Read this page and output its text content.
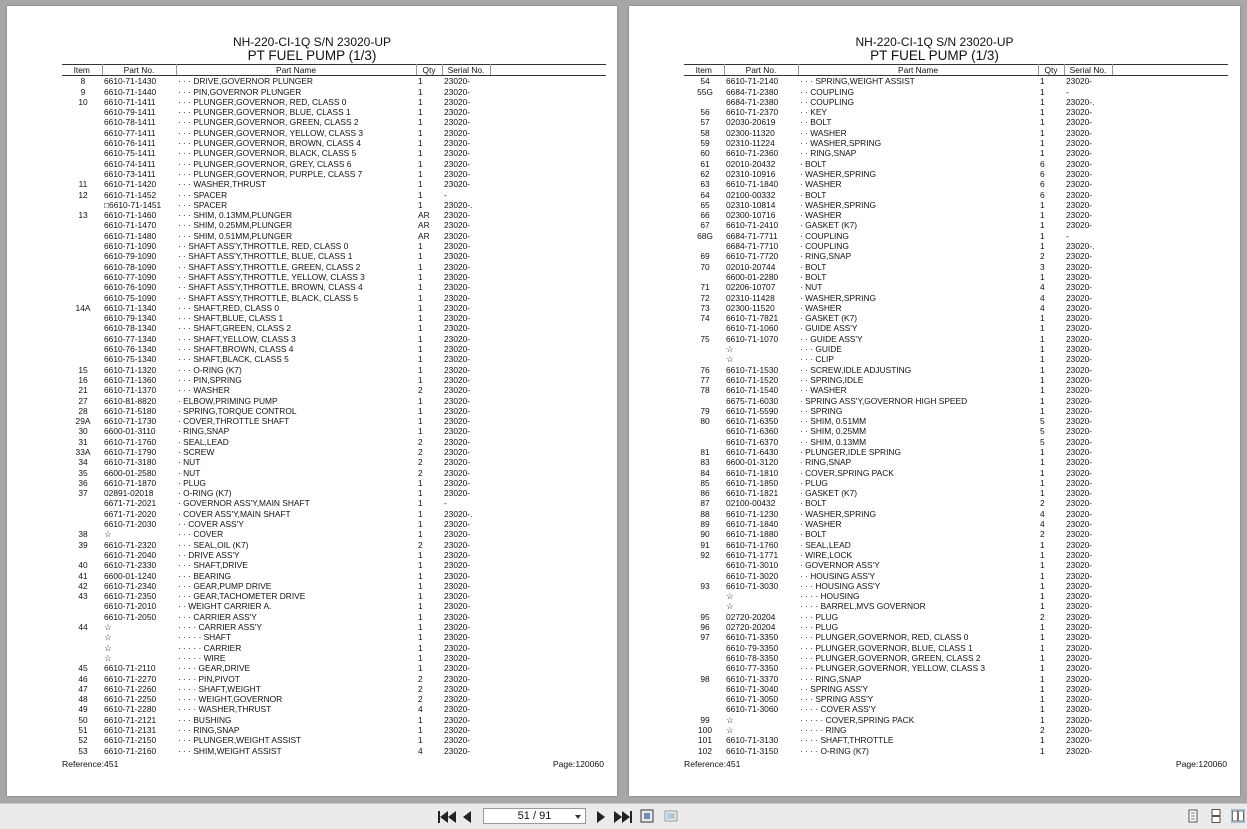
NH-220-CI-1Q S/N 23020-UP
PT FUEL PUMP (1/3)
Item	Part No.	Part Name	Qty	Serial No.	
8	6610-71-1430	· · · DRIVE,GOVERNOR PLUNGER	1	23020-	
9	6610-71-1440	· · · PIN,GOVERNOR PLUNGER	1	23020-	
10	6610-71-1411	· · · PLUNGER,GOVERNOR, RED, CLASS 0	1	23020-	
	6610-79-1411	· · · PLUNGER,GOVERNOR, BLUE, CLASS 1	1	23020-	
	6610-78-1411	· · · PLUNGER,GOVERNOR, GREEN, CLASS 2	1	23020-	
	6610-77-1411	· · · PLUNGER,GOVERNOR, YELLOW, CLASS 3	1	23020-	
	6610-76-1411	· · · PLUNGER,GOVERNOR, BROWN, CLASS 4	1	23020-	
	6610-75-1411	· · · PLUNGER,GOVERNOR, BLACK, CLASS 5	1	23020-	
	6610-74-1411	· · · PLUNGER,GOVERNOR, GREY, CLASS 6	1	23020-	
	6610-73-1411	· · · PLUNGER,GOVERNOR, PURPLE, CLASS 7	1	23020-	
11	6610-71-1420	· · · WASHER,THRUST	1	23020-	
12	6610-71-1452	· · · SPACER	1	-	
	□6610-71-1451	· · · SPACER	1	23020-.	
13	6610-71-1460	· · · SHIM, 0.13MM,PLUNGER	AR	23020-	
	6610-71-1470	· · · SHIM, 0.25MM,PLUNGER	AR	23020-	
	6610-71-1480	· · · SHIM, 0.51MM,PLUNGER	AR	23020-	
	6610-71-1090	· · SHAFT ASS'Y,THROTTLE, RED, CLASS 0	1	23020-	
	6610-79-1090	· · SHAFT ASS'Y,THROTTLE, BLUE, CLASS 1	1	23020-	
	6610-78-1090	· · SHAFT ASS'Y,THROTTLE, GREEN, CLASS 2	1	23020-	
	6610-77-1090	· · SHAFT ASS'Y,THROTTLE, YELLOW, CLASS 3	1	23020-	
	6610-76-1090	· · SHAFT ASS'Y,THROTTLE, BROWN, CLASS 4	1	23020-	
	6610-75-1090	· · SHAFT ASS'Y,THROTTLE, BLACK, CLASS 5	1	23020-	
14A	6610-71-1340	· · · SHAFT,RED, CLASS 0	1	23020-	
	6610-79-1340	· · · SHAFT,BLUE, CLASS 1	1	23020-	
	6610-78-1340	· · · SHAFT,GREEN, CLASS 2	1	23020-	
	6610-77-1340	· · · SHAFT,YELLOW, CLASS 3	1	23020-	
	6610-76-1340	· · · SHAFT,BROWN, CLASS 4	1	23020-	
	6610-75-1340	· · · SHAFT,BLACK, CLASS 5	1	23020-	
15	6610-71-1320	· · · O-RING (K7)	1	23020-	
16	6610-71-1360	· · · PIN,SPRING	1	23020-	
21	6610-71-1370	· · · WASHER	2	23020-	
27	6610-81-8820	· ELBOW,PRIMING PUMP	1	23020-	
28	6610-71-5180	· SPRING,TORQUE CONTROL	1	23020-	
29A	6610-71-1730	· COVER,THROTTLE SHAFT	1	23020-	
30	6600-01-3110	· RING,SNAP	1	23020-	
31	6610-71-1760	· SEAL,LEAD	2	23020-	
33A	6610-71-1790	· SCREW	2	23020-	
34	6610-71-3180	· NUT	2	23020-	
35	6600-01-2580	· NUT	2	23020-	
36	6610-71-1870	· PLUG	1	23020-	
37	02891-02018	· O-RING (K7)	1	23020-	
	6671-71-2021	· GOVERNOR ASS'Y,MAIN SHAFT	1	-	
	6671-71-2020	· COVER ASS'Y,MAIN SHAFT	1	23020-.	
	6610-71-2030	· · COVER ASS'Y	1	23020-	
38	☆	· · · COVER	1	23020-	
39	6610-71-2320	· · · SEAL,OIL (K7)	2	23020-	
	6610-71-2040	· · DRIVE ASS'Y	1	23020-	
40	6610-71-2330	· · · SHAFT,DRIVE	1	23020-	
41	6600-01-1240	· · · BEARING	1	23020-	
42	6610-71-2340	· · · GEAR,PUMP DRIVE	1	23020-	
43	6610-71-2350	· · · GEAR,TACHOMETER DRIVE	1	23020-	
	6610-71-2010	· · WEIGHT CARRIER A.	1	23020-	
	6610-71-2050	· · · CARRIER ASS'Y	1	23020-	
44	☆	· · · · CARRIER ASS'Y	1	23020-	
	☆	· · · · · SHAFT	1	23020-	
	☆	· · · · · CARRIER	1	23020-	
	☆	· · · · · WIRE	1	23020-	
45	6610-71-2110	· · · · GEAR,DRIVE	1	23020-	
46	6610-71-2270	· · · · PIN,PIVOT	2	23020-	
47	6610-71-2260	· · · · SHAFT,WEIGHT	2	23020-	
48	6610-71-2250	· · · · WEIGHT,GOVERNOR	2	23020-	
49	6610-71-2280	· · · · WASHER,THRUST	4	23020-	
50	6610-71-2121	· · · BUSHING	1	23020-	
51	6610-71-2131	· · · RING,SNAP	1	23020-	
52	6610-71-2150	· · · PLUNGER,WEIGHT ASSIST	1	23020-	
53	6610-71-2160	· · · SHIM,WEIGHT ASSIST	4	23020-	
Reference:451	Page:120060
NH-220-CI-1Q S/N 23020-UP
PT FUEL PUMP (1/3)
Item	Part No.	Part Name	Qty	Serial No.	
54	6610-71-2140	· · · SPRING,WEIGHT ASSIST	1	23020-	
55G	6684-71-2380	· · COUPLING	1	-	
	6684-71-2380	· · COUPLING	1	23020-.	
56	6610-71-2370	· · KEY	1	23020-	
57	02030-20619	· · BOLT	1	23020-	
58	02300-11320	· · WASHER	1	23020-	
59	02310-11224	· · WASHER,SPRING	1	23020-	
60	6610-71-2360	· · RING,SNAP	1	23020-	
61	02010-20432	· BOLT	6	23020-	
62	02310-10916	· WASHER,SPRING	6	23020-	
63	6610-71-1840	· WASHER	6	23020-	
64	02100-00332	· BOLT	6	23020-	
65	02310-10814	· WASHER,SPRING	1	23020-	
66	02300-10716	· WASHER	1	23020-	
67	6610-71-2410	· GASKET (K7)	1	23020-	
68G	6684-71-7711	· COUPLING	1	-	
	6684-71-7710	· COUPLING	1	23020-.	
69	6610-71-7720	· RING,SNAP	2	23020-	
70	02010-20744	· BOLT	3	23020-	
	6600-01-2280	· BOLT	1	23020-	
71	02206-10707	· NUT	4	23020-	
72	02310-11428	· WASHER,SPRING	4	23020-	
73	02300-11520	· WASHER	4	23020-	
74	6610-71-7821	· GASKET (K7)	1	23020-	
	6610-71-1060	· GUIDE ASS'Y	1	23020-	
75	6610-71-1070	· · GUIDE ASS'Y	1	23020-	
	☆	· · · GUIDE	1	23020-	
	☆	· · · CLIP	1	23020-	
76	6610-71-1530	· · SCREW,IDLE ADJUSTING	1	23020-	
77	6610-71-1520	· · SPRING,IDLE	1	23020-	
78	6610-71-1540	· · WASHER	1	23020-	
	6675-71-6030	· SPRING ASS'Y,GOVERNOR HIGH SPEED	1	23020-	
79	6610-71-5590	· · SPRING	1	23020-	
80	6610-71-6350	· · SHIM, 0.51MM	5	23020-	
	6610-71-6360	· · SHIM, 0.25MM	5	23020-	
	6610-71-6370	· · SHIM, 0.13MM	5	23020-	
81	6610-71-6430	· PLUNGER,IDLE SPRING	1	23020-	
83	6600-01-3120	· RING,SNAP	1	23020-	
84	6610-71-1810	· COVER,SPRING PACK	1	23020-	
85	6610-71-1850	· PLUG	1	23020-	
86	6610-71-1821	· GASKET (K7)	1	23020-	
87	02100-00432	· BOLT	2	23020-	
88	6610-71-1230	· WASHER,SPRING	4	23020-	
89	6610-71-1840	· WASHER	4	23020-	
90	6610-71-1880	· BOLT	2	23020-	
91	6610-71-1760	· SEAL,LEAD	1	23020-	
92	6610-71-1771	· WIRE,LOCK	1	23020-	
	6610-71-3010	· GOVERNOR ASS'Y	1	23020-	
	6610-71-3020	· · HOUSING ASS'Y	1	23020-	
93	6610-71-3030	· · · HOUSING ASS'Y	1	23020-	
	☆	· · · · HOUSING	1	23020-	
	☆	· · · · BARREL,MVS GOVERNOR	1	23020-	
95	02720-20204	· · · PLUG	2	23020-	
96	02720-20204	· · · PLUG	1	23020-	
97	6610-71-3350	· · · PLUNGER,GOVERNOR, RED, CLASS 0	1	23020-	
	6610-79-3350	· · · PLUNGER,GOVERNOR, BLUE, CLASS 1	1	23020-	
	6610-78-3350	· · · PLUNGER,GOVERNOR, GREEN, CLASS 2	1	23020-	
	6610-77-3350	· · · PLUNGER,GOVERNOR, YELLOW, CLASS 3	1	23020-	
98	6610-71-3370	· · · RING,SNAP	1	23020-	
	6610-71-3040	· · SPRING ASS'Y	1	23020-	
	6610-71-3050	· · · SPRING ASS'Y	1	23020-	
	6610-71-3060	· · · · COVER ASS'Y	1	23020-	
99	☆	· · · · · COVER,SPRING PACK	1	23020-	
100	☆	· · · · · RING	2	23020-	
101	6610-71-3130	· · · · SHAFT,THROTTLE	1	23020-	
102	6610-71-3150	· · · · O-RING (K7)	1	23020-	
Reference:451	Page:120060
51 / 91
